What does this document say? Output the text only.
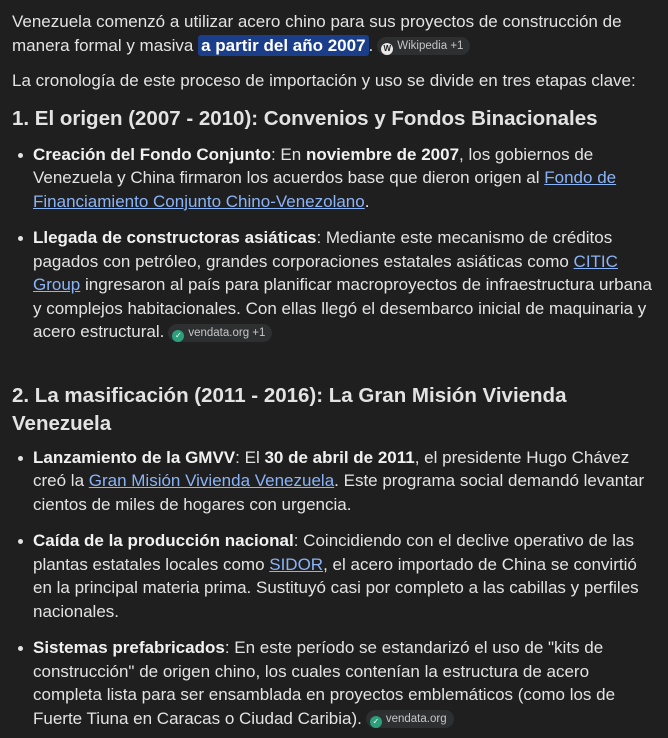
Venezuela comenzó a utilizar acero chino para sus proyectos de construcción de manera formal y masiva a partir del año 2007 . W Wikipedia +1

La cronología de este proceso de importación y uso se divide en tres etapas clave:

1. El origen (2007 - 2010): Convenios y Fondos Binacionales
Creación del Fondo Conjunto: En noviembre de 2007, los gobiernos de Venezuela y China firmaron los acuerdos base que dieron origen al Fondo de Financiamiento Conjunto Chino-Venezolano.
Llegada de constructoras asiáticas: Mediante este mecanismo de créditos pagados con petróleo, grandes corporaciones estatales asiáticas como CITIC Group ingresaron al país para planificar macroproyectos de infraestructura urbana y complejos habitacionales. Con ellas llegó el desembarco inicial de maquinaria y acero estructural. ✓ vendata.org +1
2. La masificación (2011 - 2016): La Gran Misión Vivienda Venezuela
Lanzamiento de la GMVV: El 30 de abril de 2011, el presidente Hugo Chávez creó la Gran Misión Vivienda Venezuela. Este programa social demandó levantar cientos de miles de hogares con urgencia.
Caída de la producción nacional: Coincidiendo con el declive operativo de las plantas estatales locales como SIDOR, el acero importado de China se convirtió en la principal materia prima. Sustituyó casi por completo a las cabillas y perfiles nacionales.
Sistemas prefabricados: En este período se estandarizó el uso de "kits de construcción" de origen chino, los cuales contenían la estructura de acero completa lista para ser ensamblada en proyectos emblemáticos (como los de Fuerte Tiuna en Caracas o Ciudad Caribia). ✓ vendata.org
